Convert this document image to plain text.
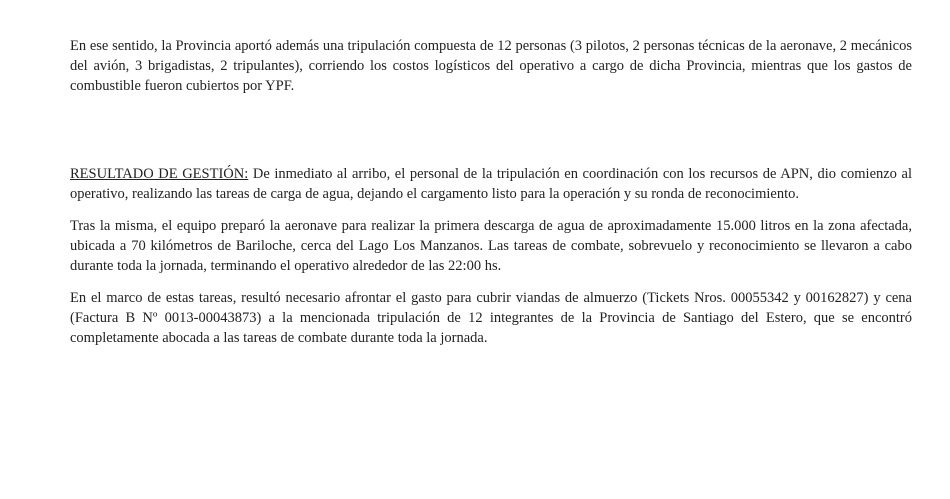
En ese sentido, la Provincia aportó además una tripulación compuesta de 12 personas (3 pilotos, 2 personas técnicas de la aeronave, 2 mecánicos del avión, 3 brigadistas, 2 tripulantes), corriendo los costos logísticos del operativo a cargo de dicha Provincia, mientras que los gastos de combustible fueron cubiertos por YPF.

RESULTADO DE GESTIÓN: De inmediato al arribo, el personal de la tripulación en coordinación con los recursos de APN, dio comienzo al operativo, realizando las tareas de carga de agua, dejando el cargamento listo para la operación y su ronda de reconocimiento.

Tras la misma, el equipo preparó la aeronave para realizar la primera descarga de agua de aproximadamente 15.000 litros en la zona afectada, ubicada a 70 kilómetros de Bariloche, cerca del Lago Los Manzanos. Las tareas de combate, sobrevuelo y reconocimiento se llevaron a cabo durante toda la jornada, terminando el operativo alrededor de las 22:00 hs.

En el marco de estas tareas, resultó necesario afrontar el gasto para cubrir viandas de almuerzo (Tickets Nros. 00055342 y 00162827) y cena (Factura B Nº 0013-00043873) a la mencionada tripulación de 12 integrantes de la Provincia de Santiago del Estero, que se encontró completamente abocada a las tareas de combate durante toda la jornada.
